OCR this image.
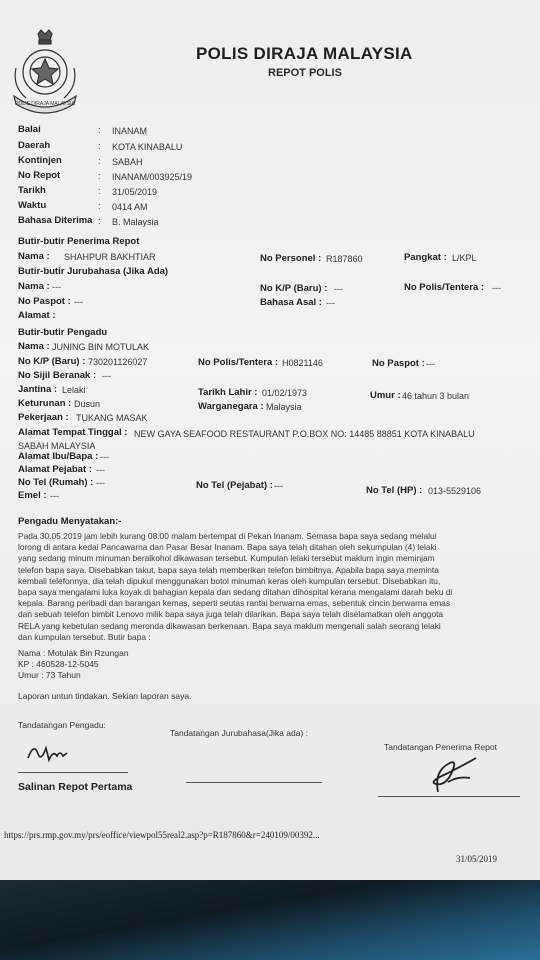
POLIS DIRAJA MALAYSIA
POLIS DIRAJA MALAYSIA
REPOT POLIS
Balai	: INANAM
Daerah	: KOTA KINABALU
Kontinjen	: SABAH
No Repot	: INANAM/003925/19
Tarikh	: 31/05/2019
Waktu	: 0414 AM
Bahasa Diterima : B. Malaysia
Butir-butir Penerima Repot
Nama : SHAHPUR BAKHTIAR	No Personel : R187860	Pangkat : L/KPL
Butir-butir Jurubahasa (Jika Ada)
Nama : ---	No K/P (Baru) : ---	No Polis/Tentera : ---
No Paspot : ---	Bahasa Asal : ---
Alamat :
Butir-butir Pengadu
Nama : JUNING BIN MOTULAK
No K/P (Baru) : 730201126027	No Polis/Tentera : H0821146	No Paspot : ---
No Sijil Beranak : ---
Jantina : Lelaki	Tarikh Lahir : 01/02/1973	Umur : 46 tahun 3 bulan
Keturunan : Dusun	Warganegara : Malaysia
Pekerjaan : TUKANG MASAK
Alamat Tempat Tinggal : NEW GAYA SEAFOOD RESTAURANT P.O.BOX NO: 14485 88851 KOTA KINABALU
SABAH MALAYSIA
Alamat Ibu/Bapa : ---
Alamat Pejabat : ---
No Tel (Rumah) : ---	No Tel (Pejabat) : ---	No Tel (HP) : 013-5529106
Emel : ---
Pengadu Menyatakan:-
Pada 30.05.2019 jam lebih kurang 08.00 malam bertempat di Pekan Inanam. Semasa bapa saya sedang melalui
lorong di antara kedai Pancawarna dan Pasar Besar Inanam. Bapa saya telah ditahan oleh sekumpulan (4) lelaki
yang sedang minum minuman beralkohol dikawasan tersebut. Kumpulan lelaki tersebut maklum ingin meminjam
telefon bapa saya. Disebabkan takut, bapa saya telah memberikan telefon bimbitnya. Apabila bapa saya meminta
kembali telefonnya, dia telah dipukul menggunakan botol minuman keras oleh kumpulan tersebut. Disebabkan itu,
bapa saya mengalami luka koyak di bahagian kepala dan sedang ditahan dihospital kerana mengalami darah beku di
kepala. Barang peribadi dan barangan kemas, seperti seutas rantai berwarna emas, sebentuk cincin berwarna emas
dan sebuah telefon bimbit Lenovo milik bapa saya juga telah dilarikan. Bapa saya telah diselamatkan oleh anggota
RELA yang kebetulan sedang meronda dikawasan berkenaan. Bapa saya maklum mengenali salah seorang lelaki
dan kumpulan tersebut. Butir bapa :
Nama : Motulak Bin Rzungan
KP : 460528-12-5045
Umur : 73 Tahun
Laporan untun tindakan. Sekian laporan saya.
Tandatangan Pengadu:
Tandatangan Jurubahasa(Jika ada) :
Tandatangan Penerima Repot
Salinan Repot Pertama
https://prs.rmp.gov.my/prs/eoffice/viewpol55real2.asp?p=R187860&r=240109/00392...
31/05/2019
